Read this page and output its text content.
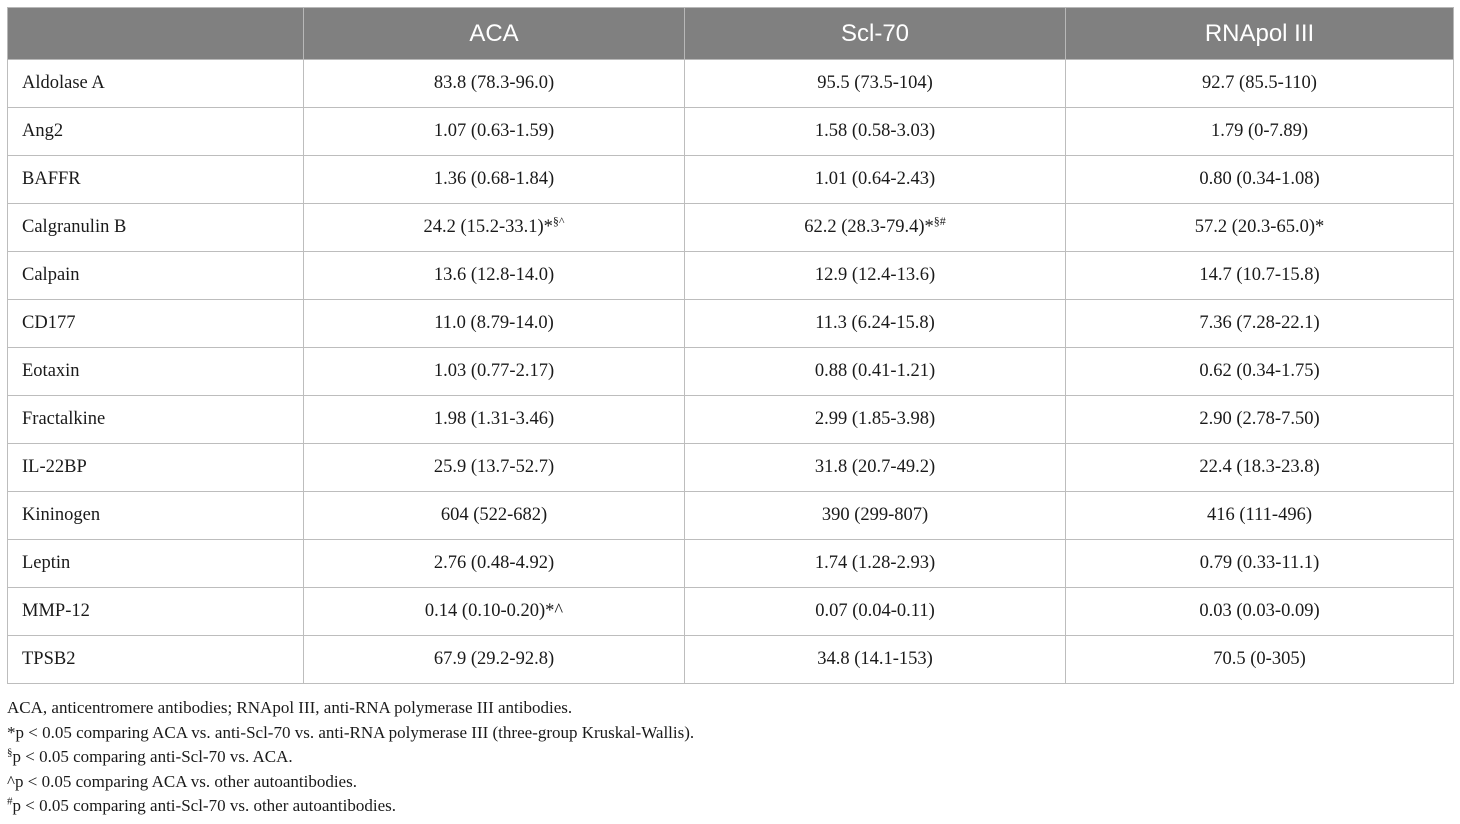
	ACA	Scl-70	RNApol III
Aldolase A	83.8 (78.3-96.0)	95.5 (73.5-104)	92.7 (85.5-110)
Ang2	1.07 (0.63-1.59)	1.58 (0.58-3.03)	1.79 (0-7.89)
BAFFR	1.36 (0.68-1.84)	1.01 (0.64-2.43)	0.80 (0.34-1.08)
Calgranulin B	24.2 (15.2-33.1)*§^	62.2 (28.3-79.4)*§#	57.2 (20.3-65.0)*
Calpain	13.6 (12.8-14.0)	12.9 (12.4-13.6)	14.7 (10.7-15.8)
CD177	11.0 (8.79-14.0)	11.3 (6.24-15.8)	7.36 (7.28-22.1)
Eotaxin	1.03 (0.77-2.17)	0.88 (0.41-1.21)	0.62 (0.34-1.75)
Fractalkine	1.98 (1.31-3.46)	2.99 (1.85-3.98)	2.90 (2.78-7.50)
IL-22BP	25.9 (13.7-52.7)	31.8 (20.7-49.2)	22.4 (18.3-23.8)
Kininogen	604 (522-682)	390 (299-807)	416 (111-496)
Leptin	2.76 (0.48-4.92)	1.74 (1.28-2.93)	0.79 (0.33-11.1)
MMP-12	0.14 (0.10-0.20)*^	0.07 (0.04-0.11)	0.03 (0.03-0.09)
TPSB2	67.9 (29.2-92.8)	34.8 (14.1-153)	70.5 (0-305)

ACA, anticentromere antibodies; RNApol III, anti-RNA polymerase III antibodies.

*p < 0.05 comparing ACA vs. anti-Scl-70 vs. anti-RNA polymerase III (three-group Kruskal-Wallis).

§p < 0.05 comparing anti-Scl-70 vs. ACA.

^p < 0.05 comparing ACA vs. other autoantibodies.

#p < 0.05 comparing anti-Scl-70 vs. other autoantibodies.
